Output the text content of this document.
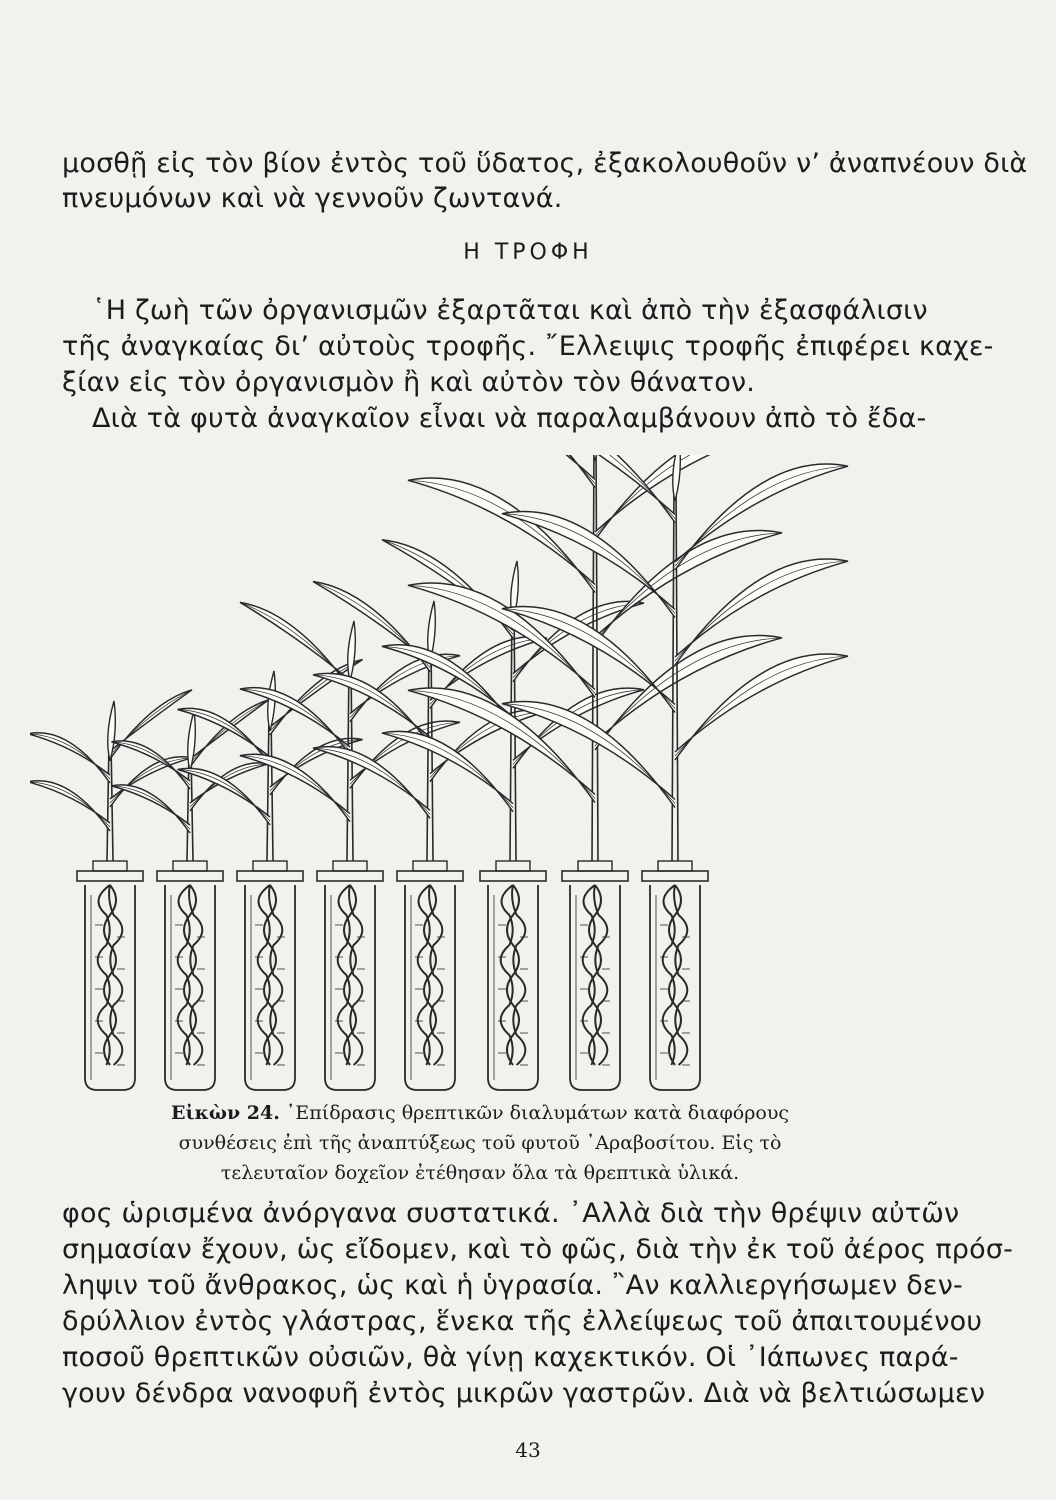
μοσθῇ εἰς τὸν βίον ἐντὸς τοῦ ὕδατος, ἐξακολουθοῦν ν’ ἀναπνέουν διὰ
πνευμόνων καὶ νὰ γεννοῦν ζωντανά.
Η ΤΡΟΦΗ
῾Η ζωὴ τῶν ὀργανισμῶν ἐξαρτᾶται καὶ ἀπὸ τὴν ἐξασφάλισιν
τῆς ἀναγκαίας δι’ αὐτοὺς τροφῆς. ῎Ελλειψις τροφῆς ἐπιφέρει καχε-
ξίαν εἰς τὸν ὀργανισμὸν ἢ καὶ αὐτὸν τὸν θάνατον.
Διὰ τὰ φυτὰ ἀναγκαῖον εἶναι νὰ παραλαμβάνουν ἀπὸ τὸ ἔδα-
Εἰκὼν 24. ᾿Επίδρασις θρεπτικῶν διαλυμάτων κατὰ διαφόρους
συνθέσεις ἐπὶ τῆς ἀναπτύξεως τοῦ φυτοῦ ᾿Αραβοσίτου. Εἰς τὸ
τελευταῖον δοχεῖον ἐτέθησαν ὅλα τὰ θρεπτικὰ ὑλικά.
φος ὡρισμένα ἀνόργανα συστατικά. ᾿Αλλὰ διὰ τὴν θρέψιν αὐτῶν
σημασίαν ἔχουν, ὡς εἴδομεν, καὶ τὸ φῶς, διὰ τὴν ἐκ τοῦ ἀέρος πρόσ-
ληψιν τοῦ ἄνθρακος, ὡς καὶ ἡ ὑγρασία. ῍Αν καλλιεργήσωμεν δεν-
δρύλλιον ἐντὸς γλάστρας, ἕνεκα τῆς ἐλλείψεως τοῦ ἀπαιτουμένου
ποσοῦ θρεπτικῶν οὐσιῶν, θὰ γίνῃ καχεκτικόν. Οἱ ᾿Ιάπωνες παρά-
γουν δένδρα νανοφυῆ ἐντὸς μικρῶν γαστρῶν. Διὰ νὰ βελτιώσωμεν
43
